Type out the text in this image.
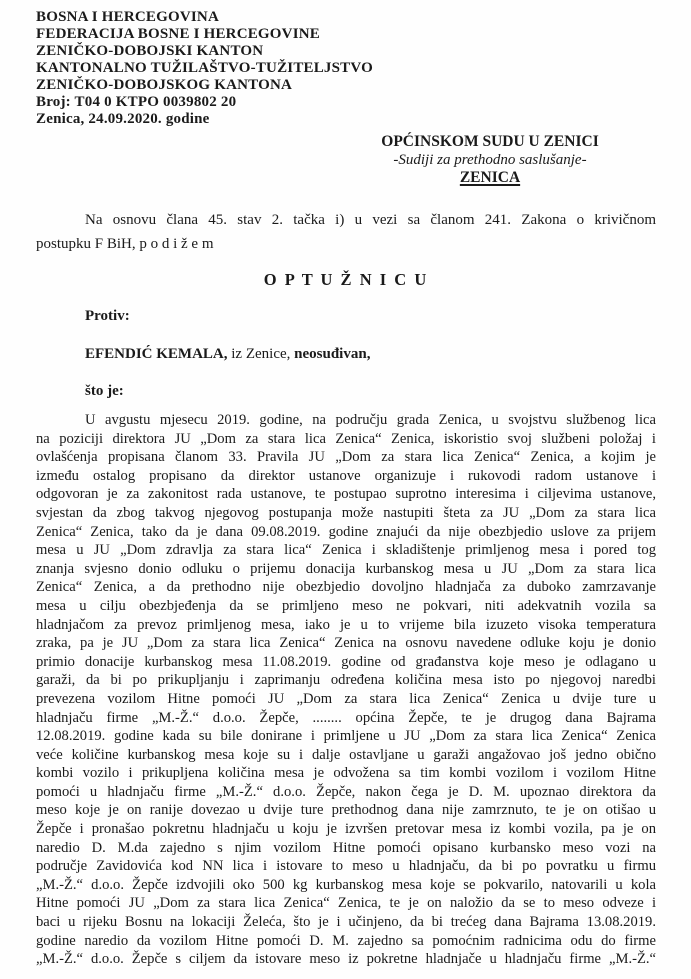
BOSNA I HERCEGOVINA
FEDERACIJA BOSNE I HERCEGOVINE
ZENIČKO-DOBOJSKI KANTON
KANTONALNO TUŽILAŠTVO-TUŽITELJSTVO
ZENIČKO-DOBOJSKOG KANTONA
Broj: T04 0 KTPO 0039802 20
Zenica, 24.09.2020. godine
OPĆINSKOM SUDU U ZENICI
-Sudiji za prethodno saslušanje-
ZENICA
Na osnovu člana 45. stav 2. tačka i) u vezi sa članom 241. Zakona o krivičnom
postupku F BiH, p o d i ž e m
O P T U Ž N I C U
Protiv:
EFENDIĆ KEMALA, iz Zenice, neosuđivan,
što je:
U avgustu mjesecu 2019. godine, na području grada Zenica, u svojstvu službenog lica
na poziciji direktora JU „Dom za stara lica Zenica“ Zenica, iskoristio svoj službeni položaj i
ovlašćenja propisana članom 33. Pravila JU „Dom za stara lica Zenica“ Zenica, a kojim je
između ostalog propisano da direktor ustanove organizuje i rukovodi radom ustanove i
odgovoran je za zakonitost rada ustanove, te postupao suprotno interesima i ciljevima ustanove,
svjestan da zbog takvog njegovog postupanja može nastupiti šteta za JU „Dom za stara lica
Zenica“ Zenica, tako da je dana 09.08.2019. godine znajući da nije obezbjedio uslove za prijem
mesa u JU „Dom zdravlja za stara lica“ Zenica i skladištenje primljenog mesa i pored tog
znanja svjesno donio odluku o prijemu donacija kurbanskog mesa u JU „Dom za stara lica
Zenica“ Zenica, a da prethodno nije obezbjedio dovoljno hladnjača za duboko zamrzavanje
mesa u cilju obezbjeđenja da se primljeno meso ne pokvari, niti adekvatnih vozila sa
hladnjačom za prevoz primljenog mesa, iako je u to vrijeme bila izuzeto visoka temperatura
zraka, pa je JU „Dom za stara lica Zenica“ Zenica na osnovu navedene odluke koju je donio
primio donacije kurbanskog mesa 11.08.2019. godine od građanstva koje meso je odlagano u
garaži, da bi po prikupljanju i zaprimanju određena količina mesa isto po njegovoj naredbi
prevezena vozilom Hitne pomoći JU „Dom za stara lica Zenica“ Zenica u dvije ture u
hladnjaču firme „M.-Ž.“ d.o.o. Žepče, ........ općina Žepče, te je drugog dana Bajrama
12.08.2019. godine kada su bile donirane i primljene u JU „Dom za stara lica Zenica“ Zenica
veće količine kurbanskog mesa koje su i dalje ostavljane u garaži angažovao još jedno obično
kombi vozilo i prikupljena količina mesa je odvožena sa tim kombi vozilom i vozilom Hitne
pomoći u hladnjaču firme „M.-Ž.“ d.o.o. Žepče, nakon čega je D. M. upoznao direktora da
meso koje je on ranije dovezao u dvije ture prethodnog dana nije zamrznuto, te je on otišao u
Žepče i pronašao pokretnu hladnjaču u koju je izvršen pretovar mesa iz kombi vozila, pa je on
naredio D. M.da zajedno s njim vozilom Hitne pomoći opisano kurbansko meso vozi na
područje Zavidovića kod NN lica i istovare to meso u hladnjaču, da bi po povratku u firmu
„M.-Ž.“ d.o.o. Žepče izdvojili oko 500 kg kurbanskog mesa koje se pokvarilo, natovarili u kola
Hitne pomoći JU „Dom za stara lica Zenica“ Zenica, te je on naložio da se to meso odveze i
baci u rijeku Bosnu na lokaciji Želeća, što je i učinjeno, da bi trećeg dana Bajrama 13.08.2019.
godine naredio da vozilom Hitne pomoći D. M. zajedno sa pomoćnim radnicima odu do firme
„M.-Ž.“ d.o.o. Žepče s ciljem da istovare meso iz pokretne hladnjače u hladnjaču firme „M.-Ž.“
